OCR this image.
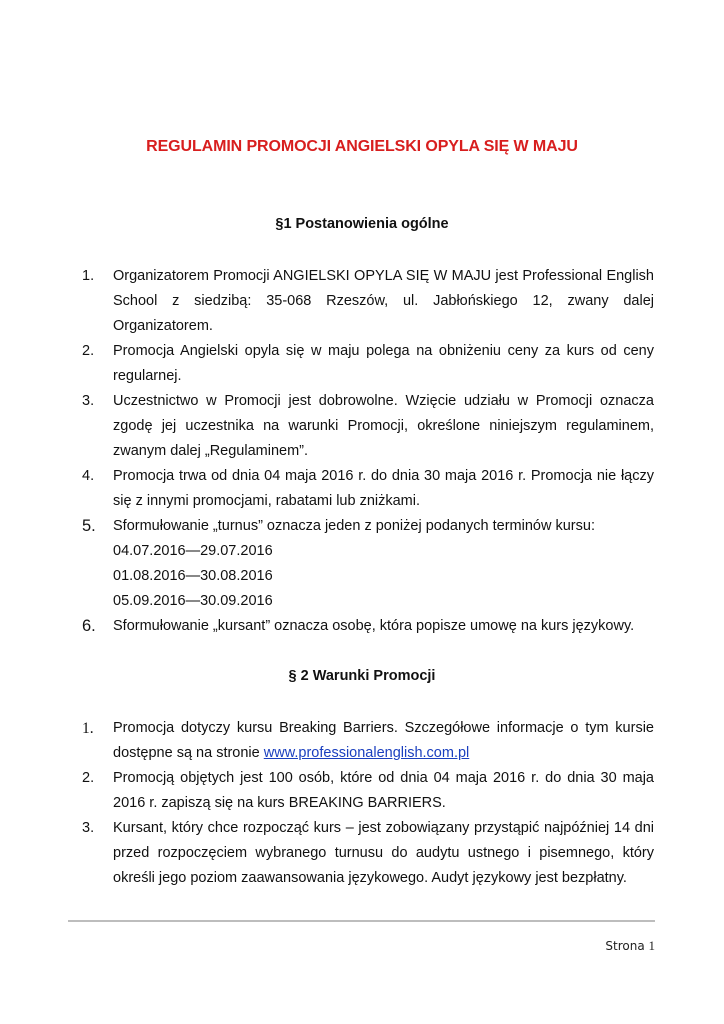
REGULAMIN PROMOCJI ANGIELSKI OPYLA SIĘ W MAJU
§1 Postanowienia ogólne
1. Organizatorem Promocji ANGIELSKI OPYLA SIĘ W MAJU jest Professional English School z siedzibą: 35-068 Rzeszów, ul. Jabłońskiego 12, zwany dalej Organizatorem.
2. Promocja Angielski opyla się w maju polega na obniżeniu ceny za kurs od ceny regularnej.
3. Uczestnictwo w Promocji jest dobrowolne. Wzięcie udziału w Promocji oznacza zgodę jej uczestnika na warunki Promocji, określone niniejszym regulaminem, zwanym dalej „Regulaminem”.
4. Promocja trwa od dnia 04 maja 2016 r. do dnia 30 maja 2016 r. Promocja nie łączy się z innymi promocjami, rabatami lub zniżkami.
5. Sformułowanie „turnus” oznacza jeden z poniżej podanych terminów kursu:
04.07.2016—29.07.2016
01.08.2016—30.08.2016
05.09.2016—30.09.2016
6. Sformułowanie „kursant” oznacza osobę, która popisze umowę na kurs językowy.
§ 2 Warunki Promocji
1. Promocja dotyczy kursu Breaking Barriers. Szczegółowe informacje o tym kursie dostępne są na stronie www.professionalenglish.com.pl
2. Promocją objętych jest 100 osób, które od dnia 04 maja 2016 r. do dnia 30 maja 2016 r. zapiszą się na kurs BREAKING BARRIERS.
3. Kursant, który chce rozpocząć kurs – jest zobowiązany przystąpić najpóźniej 14 dni przed rozpoczęciem wybranego turnusu do audytu ustnego i pisemnego, który określi jego poziom zaawansowania językowego. Audyt językowy jest bezpłatny.
Strona 1
